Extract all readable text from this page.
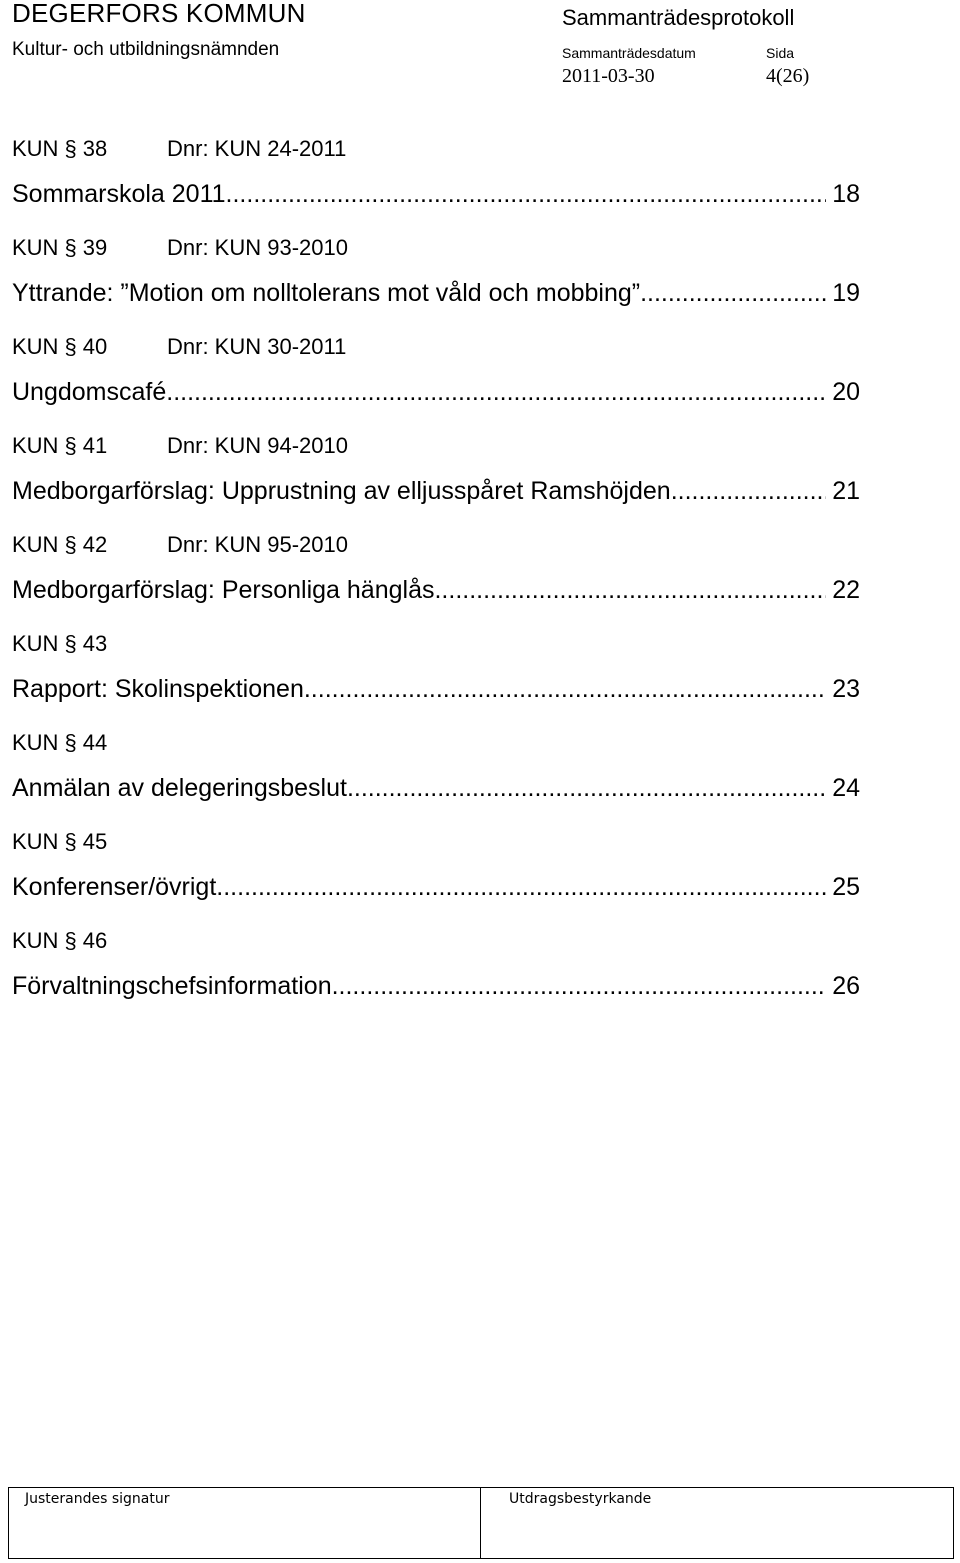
DEGERFORS KOMMUN
Kultur- och utbildningsnämnden
Sammanträdesprotokoll
Sammanträdesdatum	Sida
2011-03-30	4(26)
KUN § 38	Dnr: KUN 24-2011
Sommarskola 2011 .....	18
KUN § 39	Dnr: KUN 93-2010
Yttrande: ”Motion om nolltolerans mot våld och mobbing” .....	19
KUN § 40	Dnr: KUN 30-2011
Ungdomscafé .....	20
KUN § 41	Dnr: KUN 94-2010
Medborgarförslag: Upprustning av elljusspåret Ramshöjden .....	21
KUN § 42	Dnr: KUN 95-2010
Medborgarförslag: Personliga hänglås .....	22
KUN § 43
Rapport: Skolinspektionen .....	23
KUN § 44
Anmälan av delegeringsbeslut .....	24
KUN § 45
Konferenser/övrigt .....	25
KUN § 46
Förvaltningschefsinformation .....	26
Justerandes signatur	Utdragsbestyrkande
